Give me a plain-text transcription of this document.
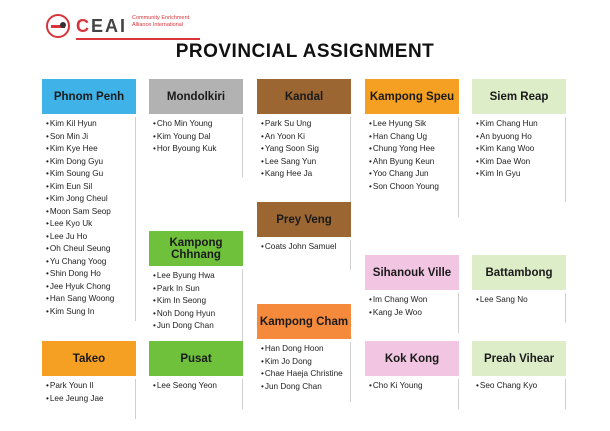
CEAI Community Enrichment
Alliance International
PROVINCIAL ASSIGNMENT
Phnom Penh
• Kim Kil Hyun
• Son Min Ji
• Kim Kye Hee
• Kim Dong Gyu
• Kim Soung Gu
• Kim Eun Sil
• Kim Jong Cheul
• Moon Sam Seop
• Lee Kyo Uk
• Lee Ju Ho
• Oh Cheul Seung
• Yu Chang Yoog
• Shin Dong Ho
• Jee Hyuk Chong
• Han Sang Woong
• Kim Sung In
Mondolkiri
• Cho Min Young
• Kim Young Dal
• Hor Byoung Kuk
Kandal
• Park Su Ung
• An Yoon Ki
• Yang Soon Sig
• Lee Sang Yun
• Kang Hee Ja
Kampong Speu
• Lee Hyung Sik
• Han Chang Ug
• Chung Yong Hee
• Ahn Byung Keun
• Yoo Chang Jun
• Son Choon Young
Siem Reap
• Kim Chang Hun
• An byuong Ho
• Kim Kang Woo
• Kim Dae Won
• Kim In Gyu
Prey Veng
• Coats John Samuel
Kampong Chhnang
• Lee Byung Hwa
• Park In Sun
• Kim In Seong
• Noh Dong Hyun
• Jun Dong Chan
Sihanouk Ville
• Im Chang Won
• Kang Je Woo
Battambong
• Lee Sang No
Kampong Cham
• Han Dong Hoon
• Kim Jo Dong
• Chae Haeja Christine
• Jun Dong Chan
Takeo
• Park Youn Il
• Lee Jeung Jae
Pusat
• Lee Seong Yeon
Kok Kong
• Cho Ki Young
Preah Vihear
• Seo Chang Kyo
